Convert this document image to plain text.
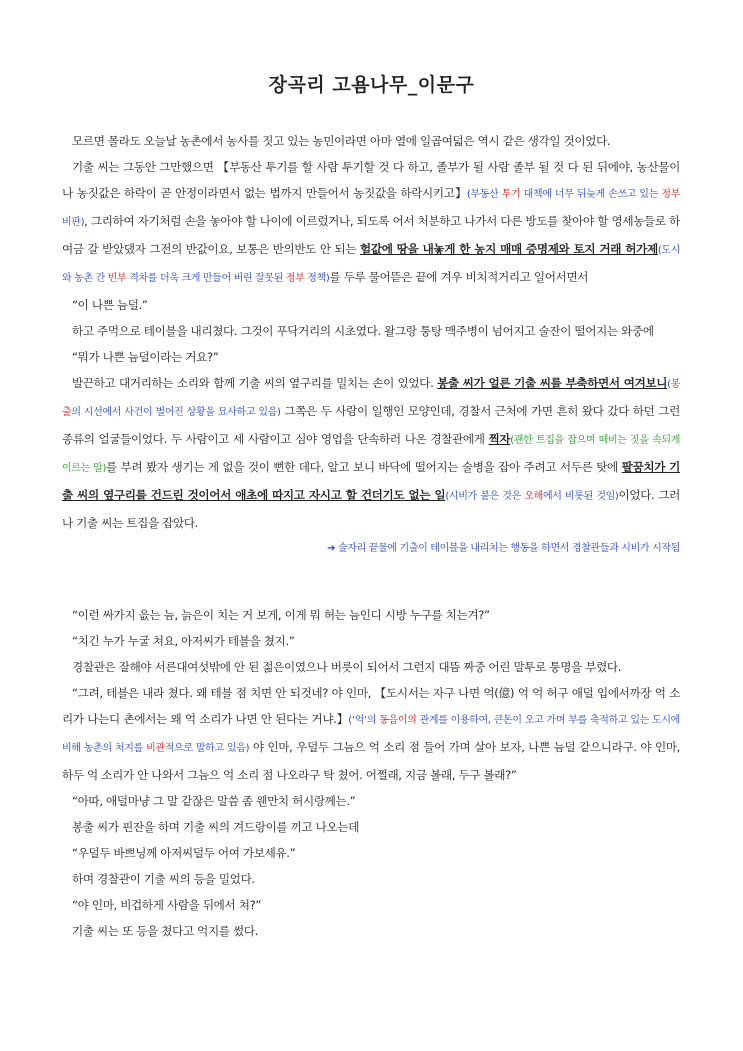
장곡리 고욤나무_이문구

모르면 몰라도 오늘날 농촌에서 농사를 짓고 있는 농민이라면 아마 열에 일곱여덟은 역시 같은 생각일 것이었다.

기출 씨는 그동안 그만했으면 【부동산 투기를 할 사람 투기할 것 다 하고, 졸부가 될 사람 졸부 될 것 다 된 뒤에야, 농산물이나 농짓값은 하락이 곧 안정이라면서 없는 법까지 만들어서 농짓값을 하락시키고】(부동산 투기 대책에 너무 뒤늦게 손쓰고 있는 정부 비판), 그리하여 자기처럼 손을 놓아야 할 나이에 이르렀거나, 되도록 어서 처분하고 나가서 다른 방도를 찾아야 할 영세농들로 하여금 갈 받았댔자 그전의 반값이요, 보통은 반의반도 안 되는 헐값에 땅을 내놓게 한 농지 매매 증명제와 토지 거래 허가제(도시와 농촌 간 빈부 격차를 더욱 크게 만들어 버린 잘못된 정부 정책)를 두루 물어뜯은 끝에 겨우 비치적거리고 일어서면서

“이 나쁜 늠덜.”

하고 주먹으로 테이블을 내리쳤다. 그것이 푸닥거리의 시초였다. 왈그랑 퉁탕 맥주병이 넘어지고 술잔이 떨어지는 와중에

“뭐가 나쁜 늠덜이라는 거요?”

발끈하고 대거리하는 소리와 함께 기출 씨의 옆구리를 밀치는 손이 있었다. 봉출 씨가 얼른 기출 씨를 부축하면서 여겨보니(봉출의 시선에서 사건이 벌어진 상황을 묘사하고 있음) 그쪽은 두 사람이 일행인 모양인데, 경찰서 근처에 가면 흔히 왔다 갔다 하던 그런 종류의 얼굴들이었다. 두 사람이고 세 사람이고 심야 영업을 단속하러 나온 경찰관에게 찍자(괜한 트집을 잡으며 떼비는 짓을 속되게 이르는 말)를 부려 봤자 생기는 게 없을 것이 뻔한 데다, 알고 보니 바닥에 떨어지는 술병을 잡아 주려고 서두른 탓에 팔꿈치가 기출 씨의 옆구리를 건드린 것이어서 애초에 따지고 자시고 할 건더기도 없는 일(시비가 붙은 것은 오해에서 비롯된 것임)이었다. 그러나 기출 씨는 트집을 잡았다.

➔ 술자리 끝물에 기출이 테이블을 내리치는 행동을 하면서 경찰관들과 시비가 시작됨

“이런 싸가지 읎는 늠, 늙은이 치는 거 보게, 이게 뭐 허는 늠인디 시방 누구를 치는겨?”

“치긴 누가 누굴 쳐요, 아저씨가 테블을 쳤지.”

경찰관은 잘해야 서른대여섯밖에 안 된 젊은이였으나 버릇이 되어서 그런지 대뜸 짜중 어린 말투로 퉁명을 부렸다.

“그려, 테블은 내라 쳤다. 왜 테블 점 치면 안 되것네? 야 인마, 【도시서는 자구 나면 억(億) 억 억 허구 애덜 입에서까장 억 소리가 나는디 촌에서는 왜 억 소리가 나면 안 된다는 거냐.】(‘억’의 동음이의 관계를 이용하여, 큰돈이 오고 가며 부를 축적하고 있는 도시에 비해 농촌의 처지를 비관적으로 말하고 있음) 야 인마, 우덜두 그늠으 억 소리 점 들어 가며 살아 보자, 나쁜 늠덜 같으니라구. 야 인마, 하두 억 소리가 안 나와서 그늠으 억 소리 점 나오라구 탁 쳤어. 어쩔래, 지금 볼래, 두구 볼래?”

“아따, 애덜마냥 그 말 같잖은 말씀 좀 웬만치 허시랑께는.”

봉출 씨가 핀잔을 하며 기출 씨의 겨드랑이를 끼고 나오는데

“우덜두 바쁘닝께 아저씨덜두 어여 가보세유.”

하며 경찰관이 기출 씨의 등을 밀었다.

“야 인마, 비겁하게 사람을 뒤에서 쳐?”

기출 씨는 또 등을 쳤다고 억지를 썼다.
